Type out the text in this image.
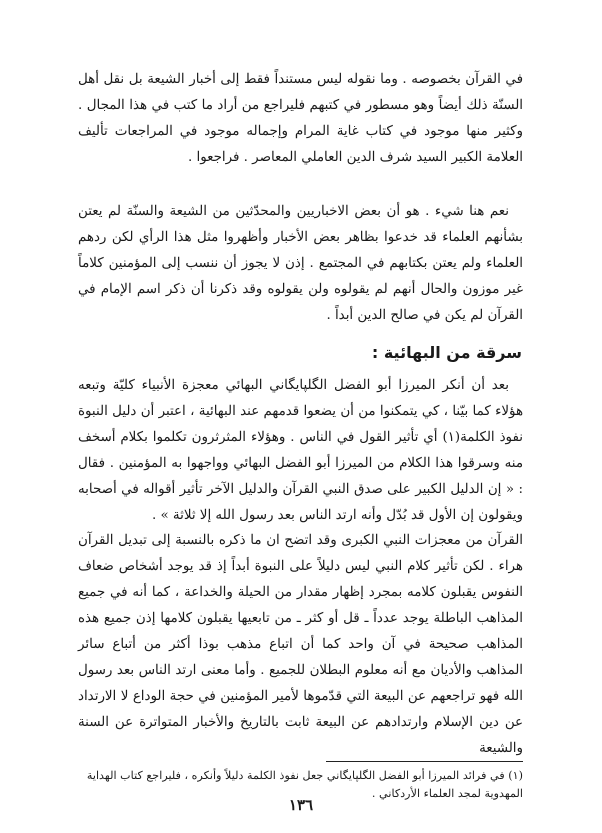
في القرآن بخصوصه . وما نقوله ليس مستنداً فقط إلى أخبار الشيعة بل نقل أهل السنّة ذلك أيضاً وهو مسطور في كتبهم فليراجع من أراد ما كتب في هذا المجال . وكثير منها موجود في كتاب غاية المرام وإجماله موجود في المراجعات تأليف العلامة الكبير السيد شرف الدين العاملي المعاصر . فراجعوا .

نعم هنا شيء . هو أن بعض الاخباريين والمحدّثين من الشيعة والسنّة لم يعتن بشأنهم العلماء قد خدعوا بظاهر بعض الأخبار وأظهروا مثل هذا الرأي لكن ردهم العلماء ولم يعتن بكتابهم في المجتمع . إذن لا يجوز أن ننسب إلى المؤمنين كلاماً غير موزون والحال أنهم لم يقولوه ولن يقولوه وقد ذكرنا أن ذكر اسم الإمام في القرآن لم يكن في صالح الدين أبداً .

سرقة من البهائية :

بعد أن أنكر الميرزا أبو الفضل الگلپايگاني البهائي معجزة الأنبياء كليّة وتبعه هؤلاء كما بيّنا ، كي يتمكنوا من أن يضعوا قدمهم عند البهائية ، اعتبر أن دليل النبوة نفوذ الكلمة(١) أي تأثير القول في الناس . وهؤلاء المثرثرون تكلموا بكلام أسخف منه وسرقوا هذا الكلام من الميرزا أبو الفضل البهائي وواجهوا به المؤمنين . فقال : « إن الدليل الكبير على صدق النبي القرآن والدليل الآخر تأثير أقواله في أصحابه ويقولون إن الأول قد بُدّل وأنه ارتد الناس بعد رسول الله إلا ثلاثة » .

القرآن من معجزات النبي الكبرى وقد اتضح ان ما ذكره بالنسبة إلى تبديل القرآن هراء . لكن تأثير كلام النبي ليس دليلاً على النبوة أبداً إذ قد يوجد أشخاص ضعاف النفوس يقبلون كلامه بمجرد إظهار مقدار من الحيلة والخداعة ، كما أنه في جميع المذاهب الباطلة يوجد عدداً ـ قل أو كثر ـ من تابعيها يقبلون كلامها إذن جميع هذه المذاهب صحيحة في آن واحد كما أن اتباع مذهب بوذا أكثر من أتباع سائر المذاهب والأديان مع أنه معلوم البطلان للجميع . وأما معنى ارتد الناس بعد رسول الله فهو تراجعهم عن البيعة التي قدّموها لأمير المؤمنين في حجة الوداع لا الارتداد عن دين الإسلام وارتدادهم عن البيعة ثابت بالتاريخ والأخبار المتواترة عن السنة والشيعة

(١) في فرائد الميرزا أبو الفضل الگلپايگاني جعل نفوذ الكلمة دليلاً وأنكره ، فليراجع كتاب الهداية المهدوية لمجد العلماء الأردكاني .

١٣٦
